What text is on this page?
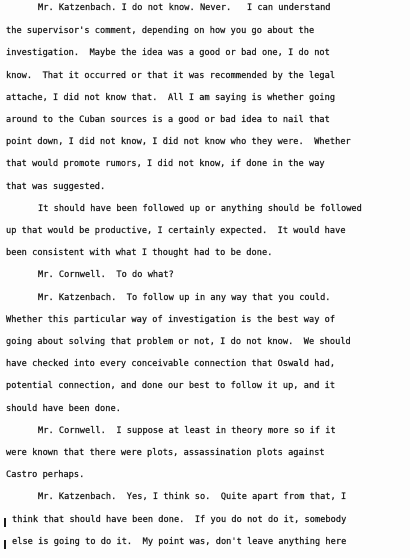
Mr. Katzenbach. I do not know. Never.   I can understand
the supervisor's comment, depending on how you go about the
investigation.  Maybe the idea was a good or bad one, I do not
know.  That it occurred or that it was recommended by the legal
attache, I did not know that.  All I am saying is whether going
around to the Cuban sources is a good or bad idea to nail that
point down, I did not know, I did not know who they were.  Whether
that would promote rumors, I did not know, if done in the way
that was suggested.
It should have been followed up or anything should be followed
up that would be productive, I certainly expected.  It would have
been consistent with what I thought had to be done.
Mr. Cornwell.  To do what?
Mr. Katzenbach.  To follow up in any way that you could.
Whether this particular way of investigation is the best way of
going about solving that problem or not, I do not know.  We should
have checked into every conceivable connection that Oswald had,
potential connection, and done our best to follow it up, and it
should have been done.
Mr. Cornwell.  I suppose at least in theory more so if it
were known that there were plots, assassination plots against
Castro perhaps.
Mr. Katzenbach.  Yes, I think so.  Quite apart from that, I
think that should have been done.  If you do not do it, somebody
else is going to do it.  My point was, don't leave anything here
